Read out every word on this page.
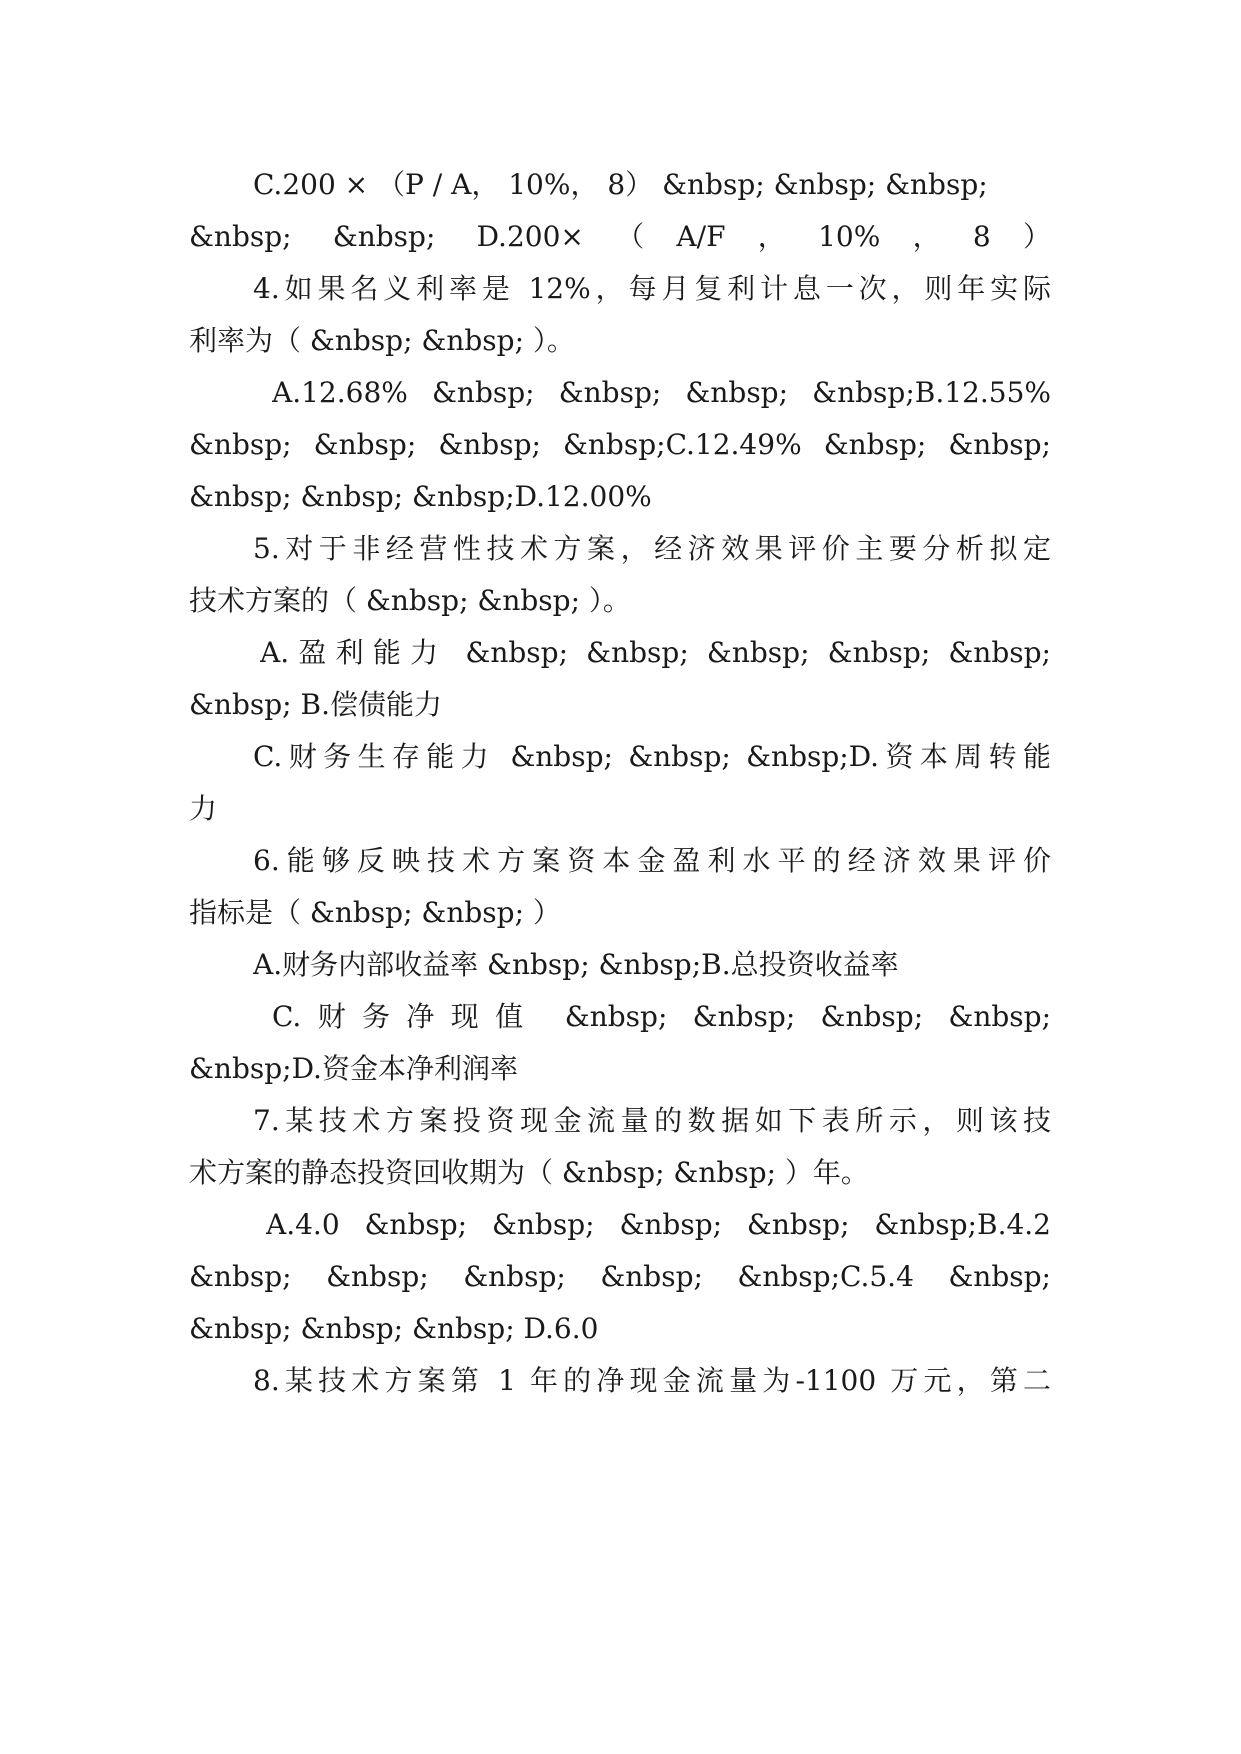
C.200 × （P / A， 10%， 8） &nbsp; &nbsp; &nbsp;
&nbsp; &nbsp; D.200×（A/F，10%，8）
4.如果名义利率是 12%，每月复利计息一次，则年实际
利率为（ &nbsp; &nbsp; ）。
A.12.68% &nbsp; &nbsp; &nbsp; &nbsp;B.12.55%
&nbsp; &nbsp; &nbsp; &nbsp;C.12.49% &nbsp; &nbsp;
&nbsp; &nbsp; &nbsp;D.12.00%
5.对于非经营性技术方案，经济效果评价主要分析拟定
技术方案的（ &nbsp; &nbsp; ）。
A.盈利能力 &nbsp; &nbsp; &nbsp; &nbsp; &nbsp;
&nbsp; B.偿债能力
C.财务生存能力 &nbsp; &nbsp; &nbsp;D.资本周转能
力
6.能够反映技术方案资本金盈利水平的经济效果评价
指标是（ &nbsp; &nbsp; ）
A.财务内部收益率 &nbsp; &nbsp;B.总投资收益率
C.财务净现值 &nbsp; &nbsp; &nbsp; &nbsp;
&nbsp;D.资金本净利润率
7.某技术方案投资现金流量的数据如下表所示，则该技
术方案的静态投资回收期为（ &nbsp; &nbsp; ）年。
A.4.0 &nbsp; &nbsp; &nbsp; &nbsp; &nbsp;B.4.2
&nbsp; &nbsp; &nbsp; &nbsp; &nbsp;C.5.4 &nbsp;
&nbsp; &nbsp; &nbsp; D.6.0
8.某技术方案第 1 年的净现金流量为-1100 万元，第二
